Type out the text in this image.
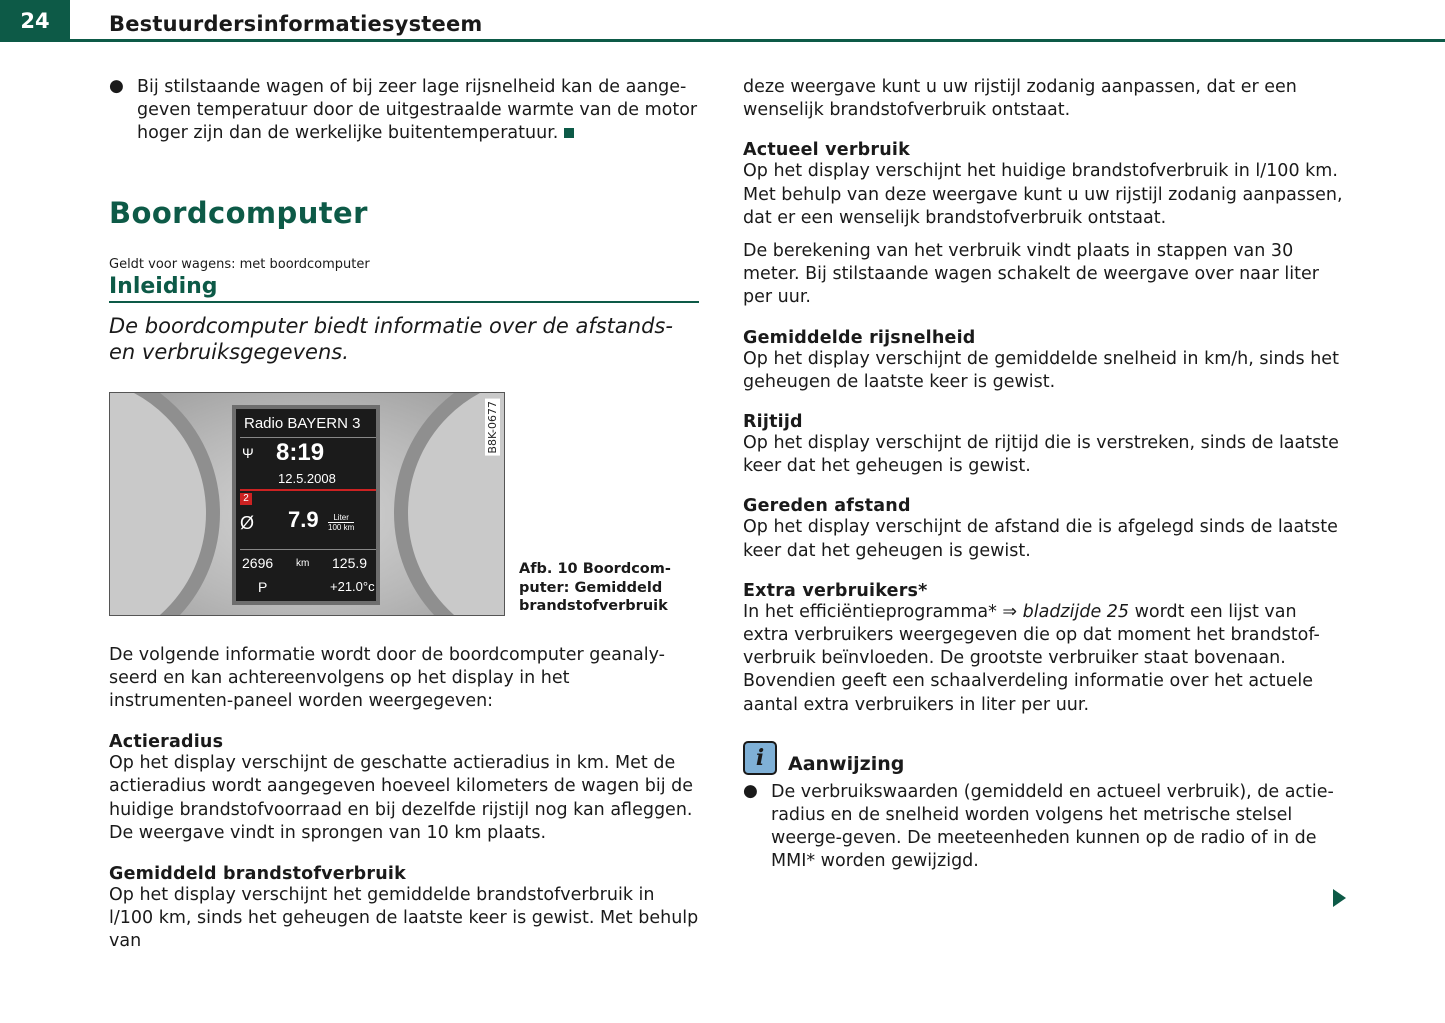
24	Bestuurdersinformatiesysteem
● Bij stilstaande wagen of bij zeer lage rijsnelheid kan de aange-geven temperatuur door de uitgestraalde warmte van de motor hoger zijn dan de werkelijke buitentemperatuur.

Boordcomputer
Geldt voor wagens: met boordcomputer
Inleiding

De boordcomputer biedt informatie over de afstands- en verbruiksgegevens.

Radio BAYERN 3
Ψ 8:19
12.5.2008
2
Ø 7.9	Liter
100 km
2696 km 125.9
P	+21.0°c
B8K-0677
Afb. 10 Boordcom-puter: Gemiddeld brandstofverbruik

De volgende informatie wordt door de boordcomputer geanaly-seerd en kan achtereenvolgens op het display in het instrumenten-paneel worden weergegeven:

Actieradius

Op het display verschijnt de geschatte actieradius in km. Met de actieradius wordt aangegeven hoeveel kilometers de wagen bij de huidige brandstofvoorraad en bij dezelfde rijstijl nog kan afleggen. De weergave vindt in sprongen van 10 km plaats.

Gemiddeld brandstofverbruik

Op het display verschijnt het gemiddelde brandstofverbruik in l/100 km, sinds het geheugen de laatste keer is gewist. Met behulp van

deze weergave kunt u uw rijstijl zodanig aanpassen, dat er een wenselijk brandstofverbruik ontstaat.

Actueel verbruik

Op het display verschijnt het huidige brandstofverbruik in l/100 km. Met behulp van deze weergave kunt u uw rijstijl zodanig aanpassen, dat er een wenselijk brandstofverbruik ontstaat.

De berekening van het verbruik vindt plaats in stappen van 30 meter. Bij stilstaande wagen schakelt de weergave over naar liter per uur.

Gemiddelde rijsnelheid

Op het display verschijnt de gemiddelde snelheid in km/h, sinds het geheugen de laatste keer is gewist.

Rijtijd

Op het display verschijnt de rijtijd die is verstreken, sinds de laatste keer dat het geheugen is gewist.

Gereden afstand

Op het display verschijnt de afstand die is afgelegd sinds de laatste keer dat het geheugen is gewist.

Extra verbruikers*

In het efficiëntieprogramma* ⇒ bladzijde 25 wordt een lijst van extra verbruikers weergegeven die op dat moment het brandstof-verbruik beïnvloeden. De grootste verbruiker staat bovenaan. Bovendien geeft een schaalverdeling informatie over het actuele aantal extra verbruikers in liter per uur.

i	Aanwijzing
● De verbruikswaarden (gemiddeld en actueel verbruik), de actie-radius en de snelheid worden volgens het metrische stelsel weerge-geven. De meeteenheden kunnen op de radio of in de MMI* worden gewijzigd.
